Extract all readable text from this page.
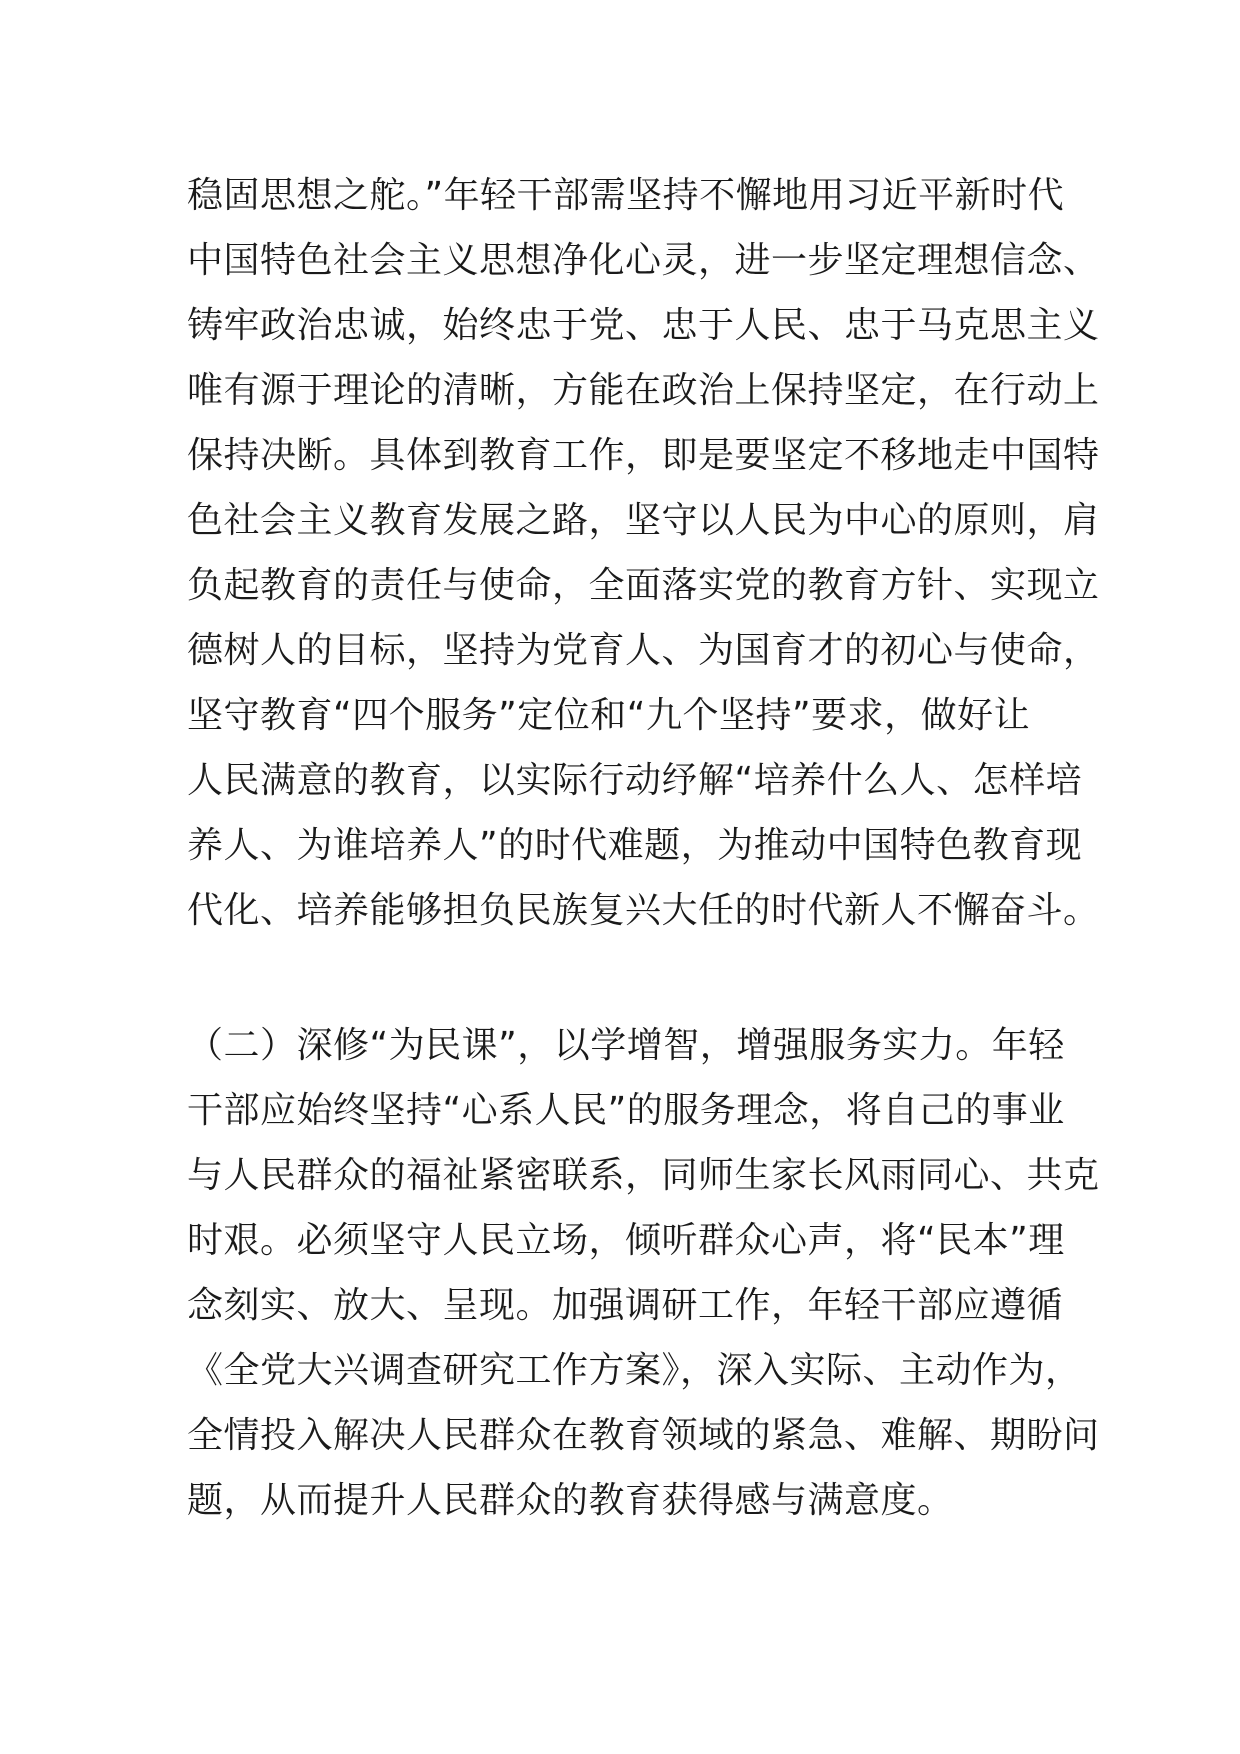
稳固思想之舵。”年轻干部需坚持不懈地用习近平新时代
中国特色社会主义思想净化心灵，进一步坚定理想信念、
铸牢政治忠诚，始终忠于党、忠于人民、忠于马克思主义
唯有源于理论的清晰，方能在政治上保持坚定，在行动上
保持决断。具体到教育工作，即是要坚定不移地走中国特
色社会主义教育发展之路，坚守以人民为中心的原则，肩
负起教育的责任与使命，全面落实党的教育方针、实现立
德树人的目标，坚持为党育人、为国育才的初心与使命，
坚守教育“四个服务”定位和“九个坚持”要求，做好让
人民满意的教育，以实际行动纾解“培养什么人、怎样培
养人、为谁培养人”的时代难题，为推动中国特色教育现
代化、培养能够担负民族复兴大任的时代新人不懈奋斗。
（二）深修“为民课”，以学增智，增强服务实力。年轻
干部应始终坚持“心系人民”的服务理念，将自己的事业
与人民群众的福祉紧密联系，同师生家长风雨同心、共克
时艰。必须坚守人民立场，倾听群众心声，将“民本”理
念刻实、放大、呈现。加强调研工作，年轻干部应遵循
《全党大兴调查研究工作方案》，深入实际、主动作为，
全情投入解决人民群众在教育领域的紧急、难解、期盼问
题，从而提升人民群众的教育获得感与满意度。
